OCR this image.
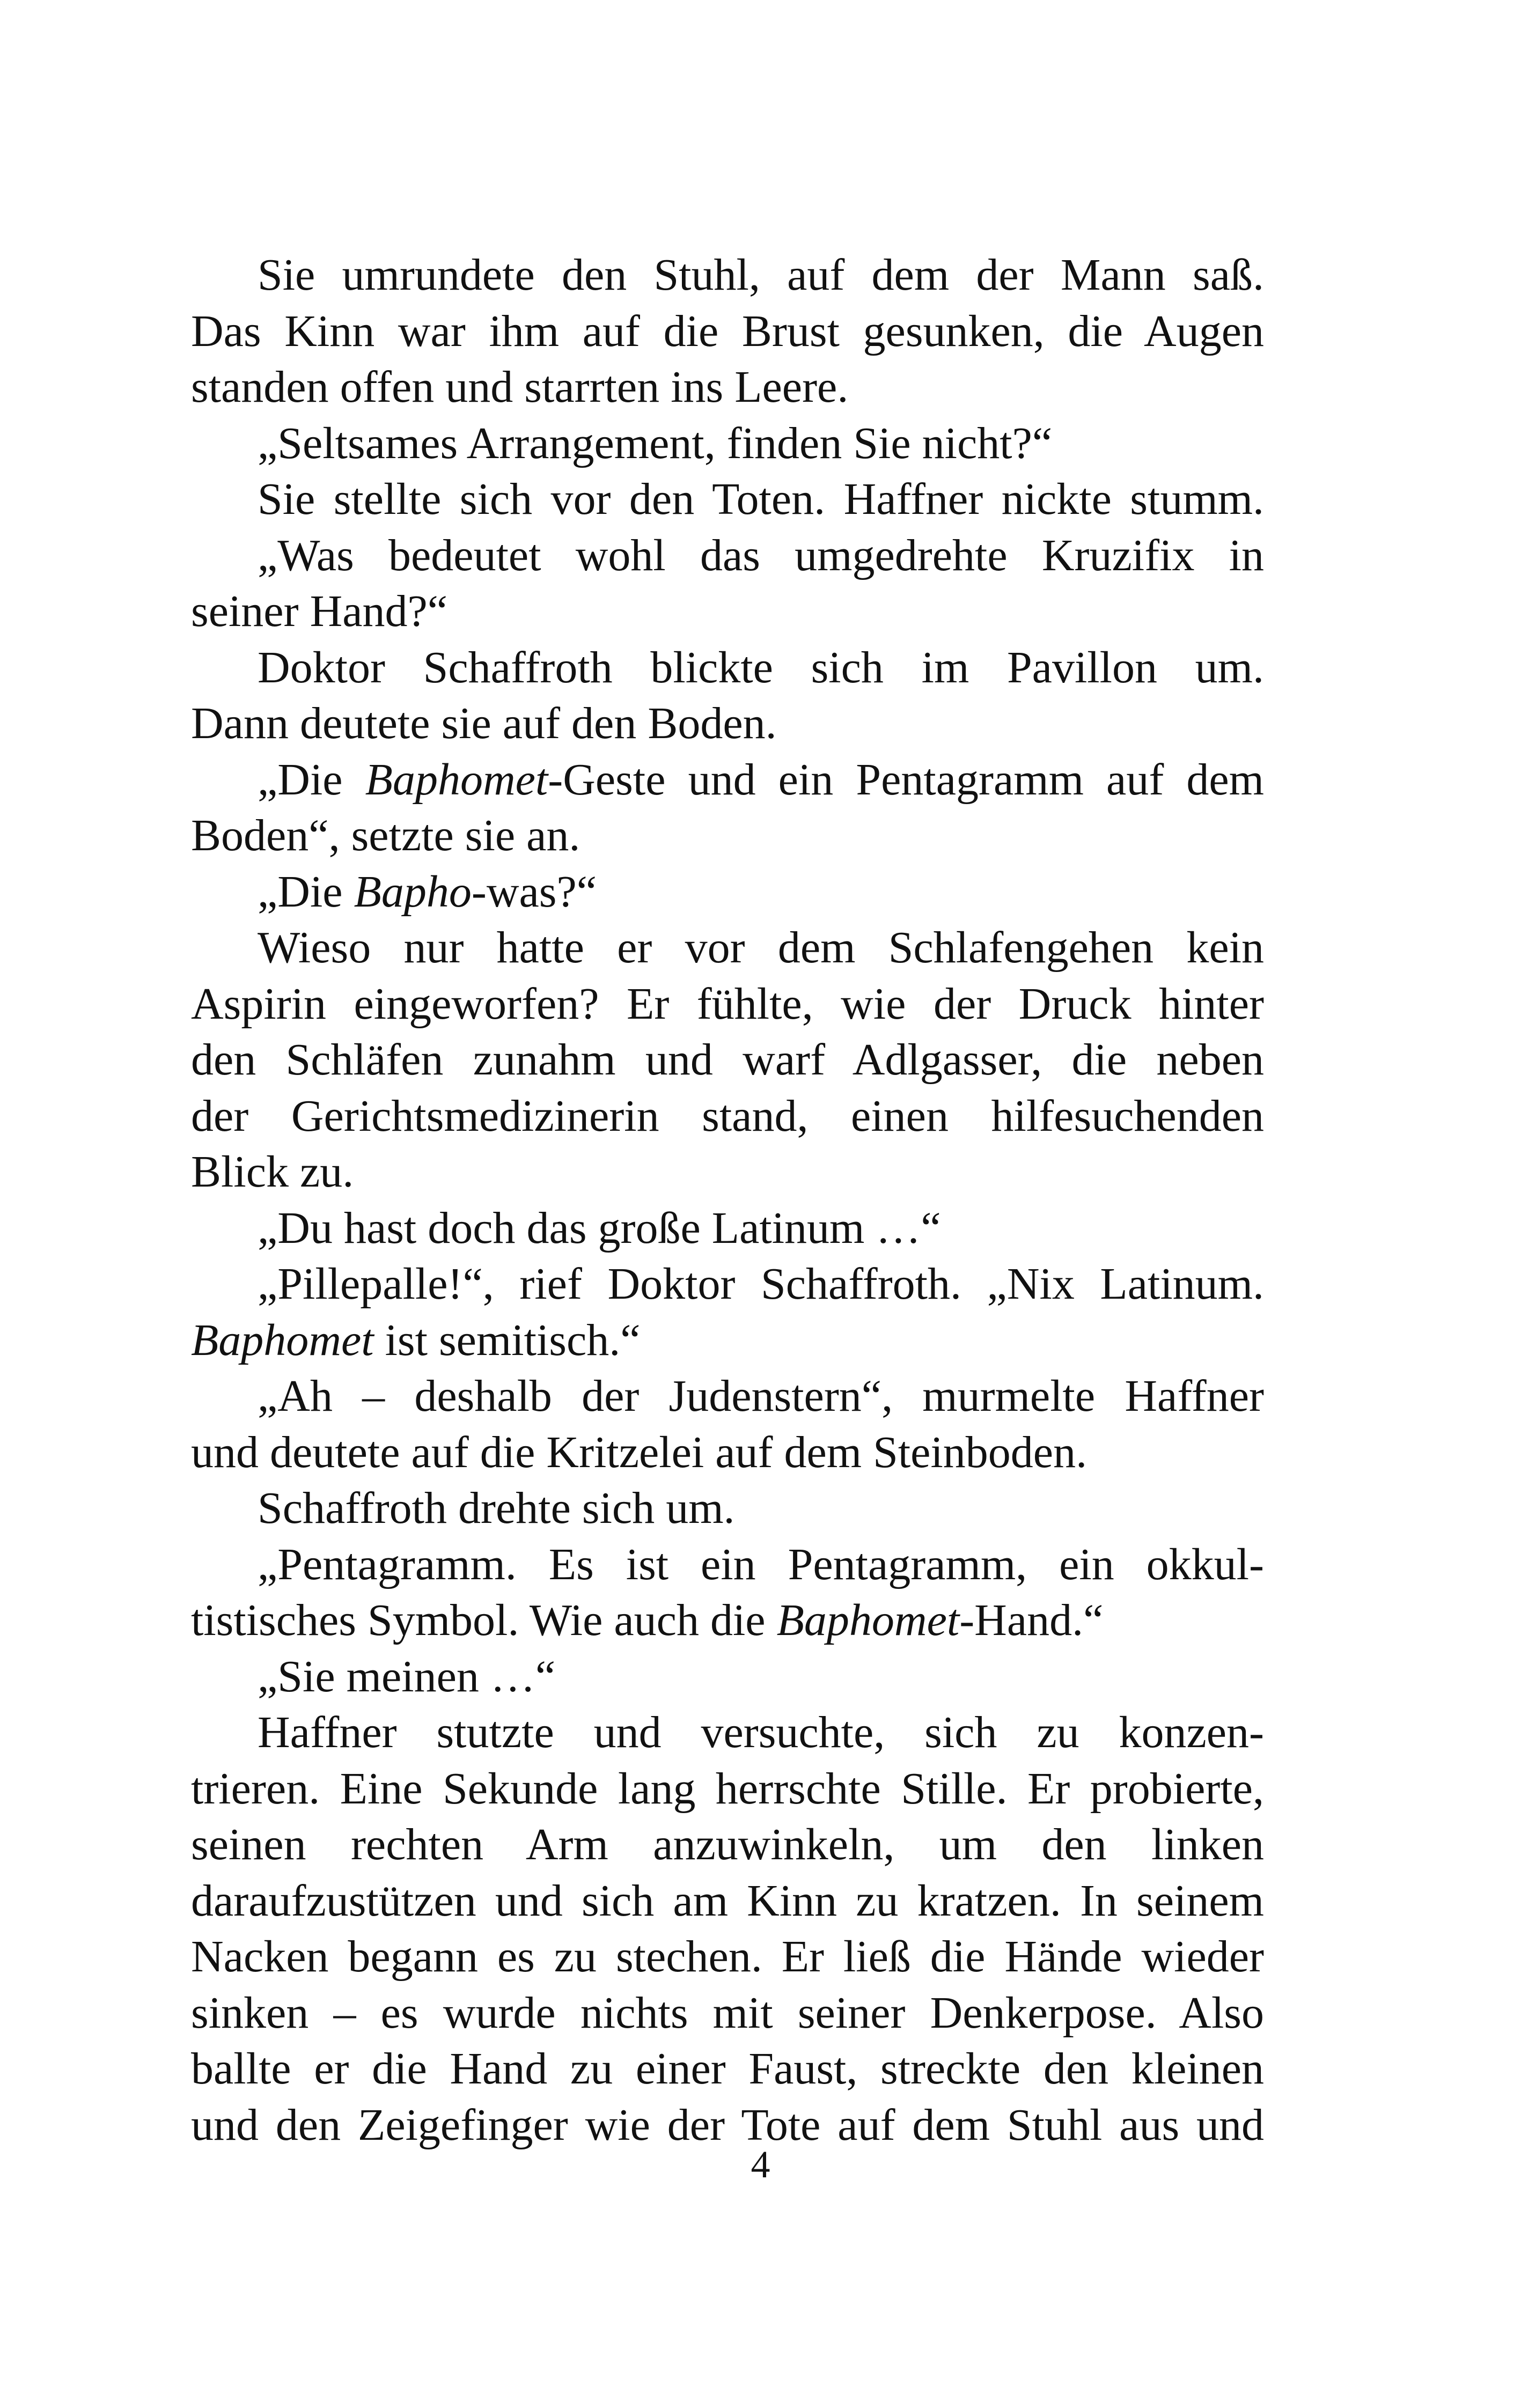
Sie umrundete den Stuhl, auf dem der Mann saß.
Das Kinn war ihm auf die Brust gesunken, die Augen
standen offen und starrten ins Leere.
„Seltsames Arrangement, finden Sie nicht?“
Sie stellte sich vor den Toten. Haffner nickte stumm.
„Was bedeutet wohl das umgedrehte Kruzifix in
seiner Hand?“
Doktor Schaffroth blickte sich im Pavillon um.
Dann deutete sie auf den Boden.
„Die Baphomet-Geste und ein Pentagramm auf dem
Boden“, setzte sie an.
„Die Bapho-was?“
Wieso nur hatte er vor dem Schlafengehen kein
Aspirin eingeworfen? Er fühlte, wie der Druck hinter
den Schläfen zunahm und warf Adlgasser, die neben
der Gerichtsmedizinerin stand, einen hilfesuchenden
Blick zu.
„Du hast doch das große Latinum …“
„Pillepalle!“, rief Doktor Schaffroth. „Nix Latinum.
Baphomet ist semitisch.“
„Ah – deshalb der Judenstern“, murmelte Haffner
und deutete auf die Kritzelei auf dem Steinboden.
Schaffroth drehte sich um.
„Pentagramm. Es ist ein Pentagramm, ein okkul-
tistisches Symbol. Wie auch die Baphomet-Hand.“
„Sie meinen …“
Haffner stutzte und versuchte, sich zu konzen-
trieren. Eine Sekunde lang herrschte Stille. Er probierte,
seinen rechten Arm anzuwinkeln, um den linken
daraufzustützen und sich am Kinn zu kratzen. In seinem
Nacken begann es zu stechen. Er ließ die Hände wieder
sinken – es wurde nichts mit seiner Denkerpose. Also
ballte er die Hand zu einer Faust, streckte den kleinen
und den Zeigefinger wie der Tote auf dem Stuhl aus und
4
